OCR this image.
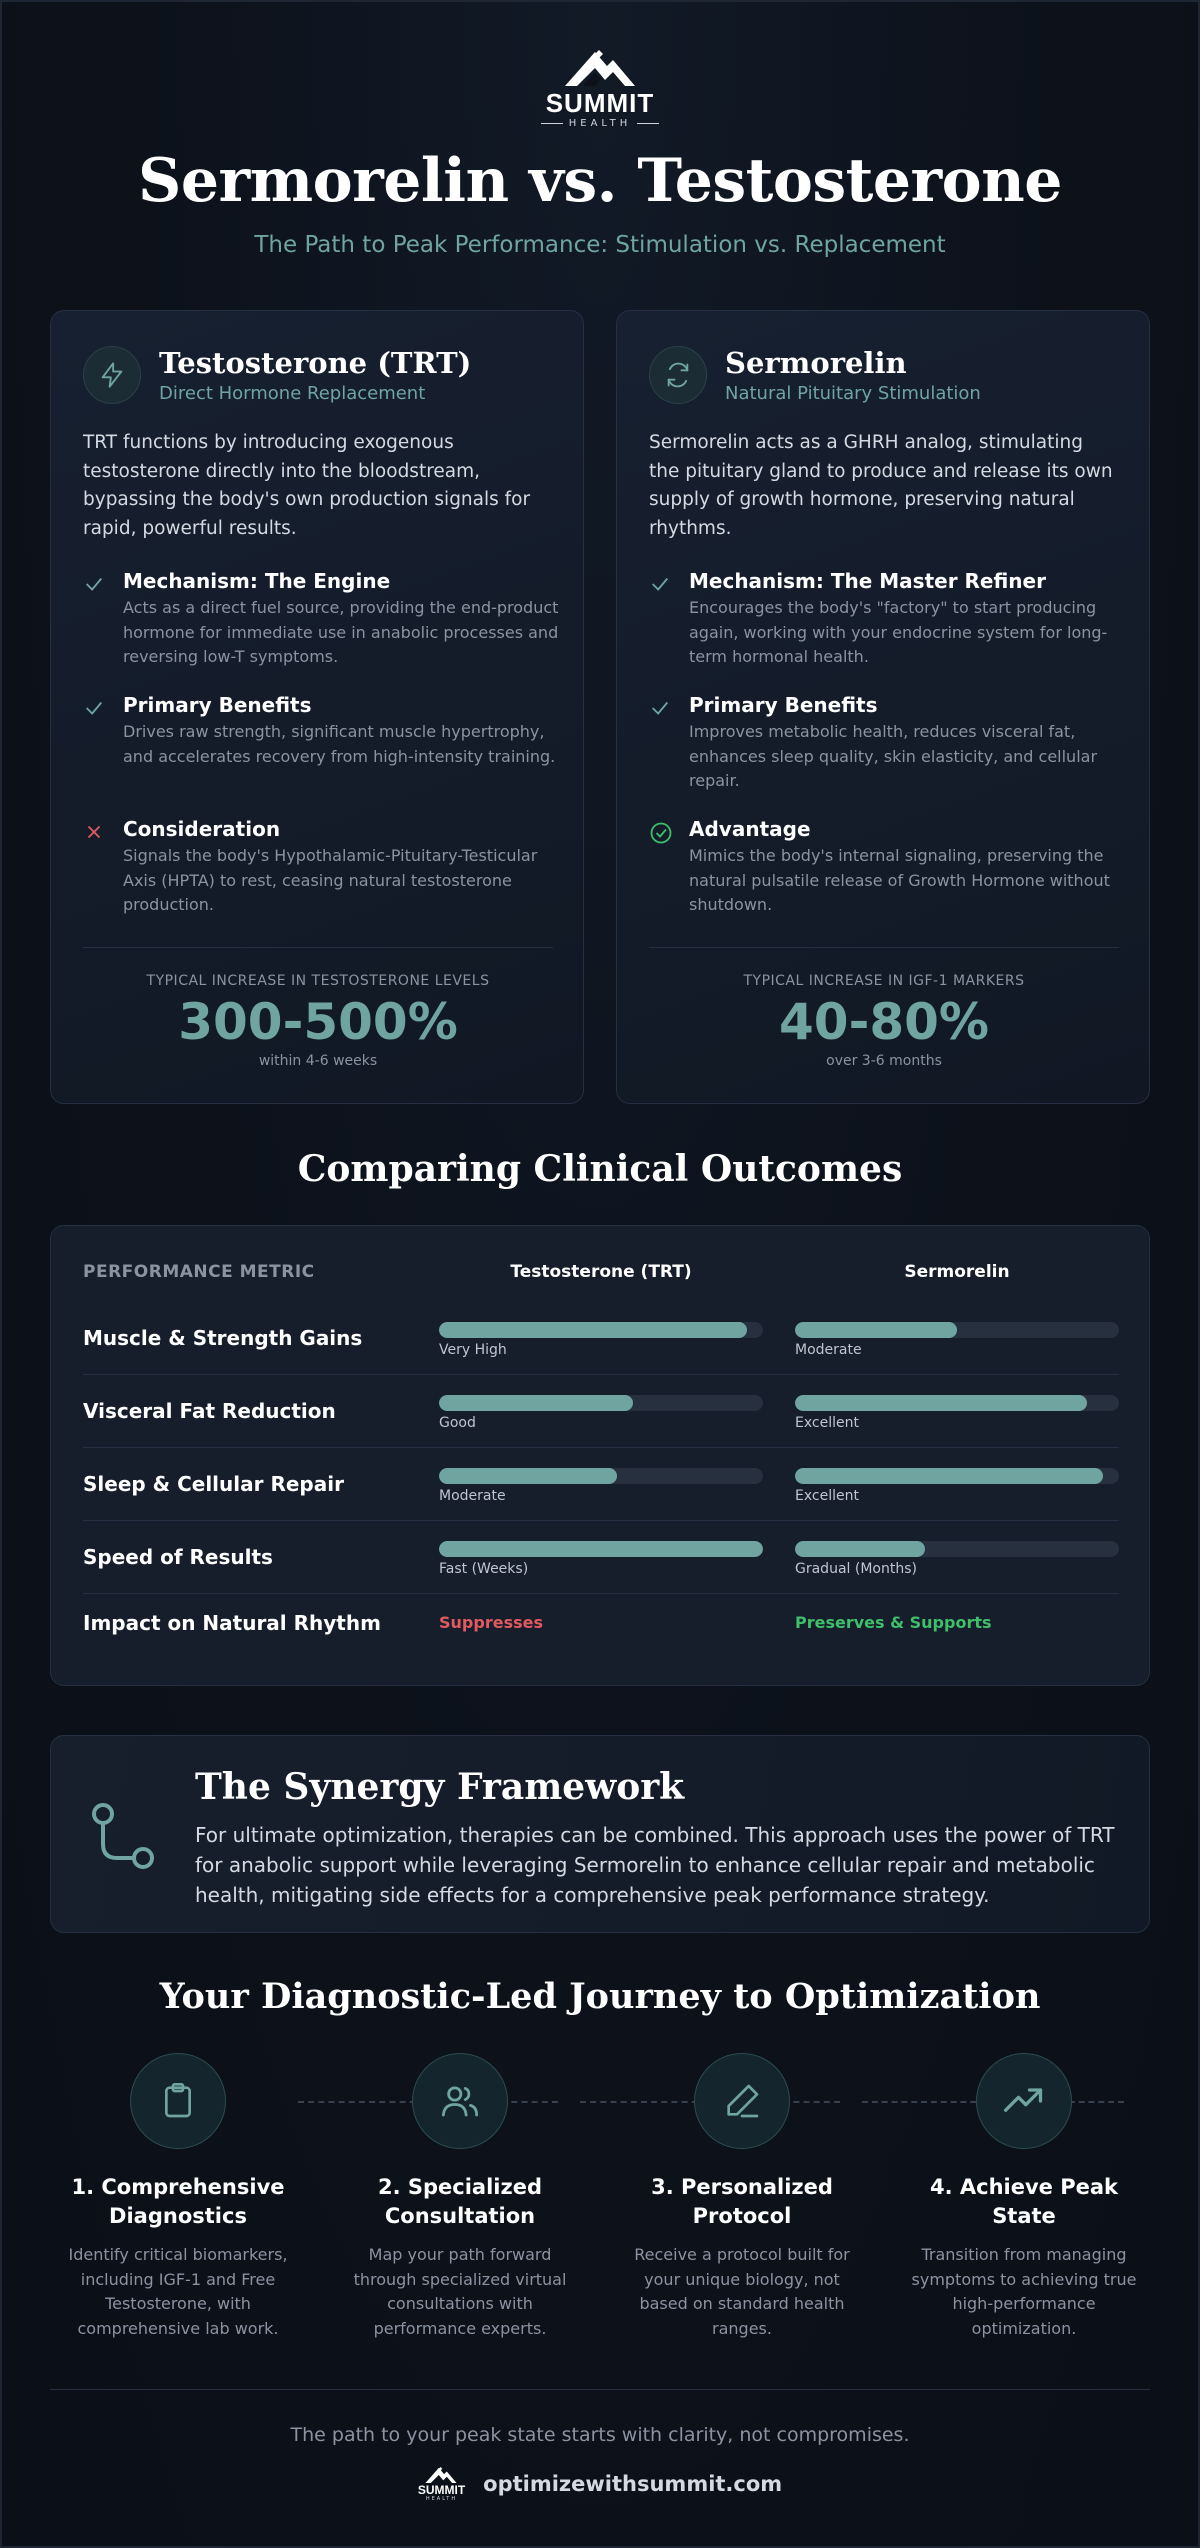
SUMMIT
HEALTH
Sermorelin vs. Testosterone
The Path to Peak Performance: Stimulation vs. Replacement
Testosterone (TRT)

Direct Hormone Replacement

TRT functions by introducing exogenous testosterone directly into the bloodstream, bypassing the body's own production signals for rapid, powerful results.
Mechanism: The Engine

Acts as a direct fuel source, providing the end-product hormone for immediate use in anabolic processes and reversing low-T symptoms.

Primary Benefits

Drives raw strength, significant muscle hypertrophy, and accelerates recovery from high-intensity training.

Consideration

Signals the body's Hypothalamic-Pituitary-Testicular Axis (HPTA) to rest, ceasing natural testosterone production.

TYPICAL INCREASE IN TESTOSTERONE LEVELS
300-500%
within 4-6 weeks
Sermorelin

Natural Pituitary Stimulation

Sermorelin acts as a GHRH analog, stimulating the pituitary gland to produce and release its own supply of growth hormone, preserving natural rhythms.
Mechanism: The Master Refiner

Encourages the body's "factory" to start producing again, working with your endocrine system for long-term hormonal health.

Primary Benefits

Improves metabolic health, reduces visceral fat, enhances sleep quality, skin elasticity, and cellular repair.

Advantage

Mimics the body's internal signaling, preserving the natural pulsatile release of Growth Hormone without shutdown.

TYPICAL INCREASE IN IGF-1 MARKERS
40-80%
over 3-6 months
Comparing Clinical Outcomes
PERFORMANCE METRIC	Testosterone (TRT)	Sermorelin
Muscle & Strength Gains	Very High	Moderate
Visceral Fat Reduction	Good	Excellent
Sleep & Cellular Repair	Moderate	Excellent
Speed of Results	Fast (Weeks)	Gradual (Months)
Impact on Natural Rhythm	Suppresses	Preserves & Supports
The Synergy Framework

For ultimate optimization, therapies can be combined. This approach uses the power of TRT for anabolic support while leveraging Sermorelin to enhance cellular repair and metabolic health, mitigating side effects for a comprehensive peak performance strategy.

Your Diagnostic-Led Journey to Optimization
1. Comprehensive Diagnostics

Identify critical biomarkers, including IGF-1 and Free Testosterone, with comprehensive lab work.

2. Specialized Consultation

Map your path forward through specialized virtual consultations with performance experts.

3. Personalized Protocol

Receive a protocol built for your unique biology, not based on standard health ranges.

4. Achieve Peak State

Transition from managing symptoms to achieving true high-performance optimization.

The path to your peak state starts with clarity, not compromises.
SUMMIT
HEALTH
optimizewithsummit.com
